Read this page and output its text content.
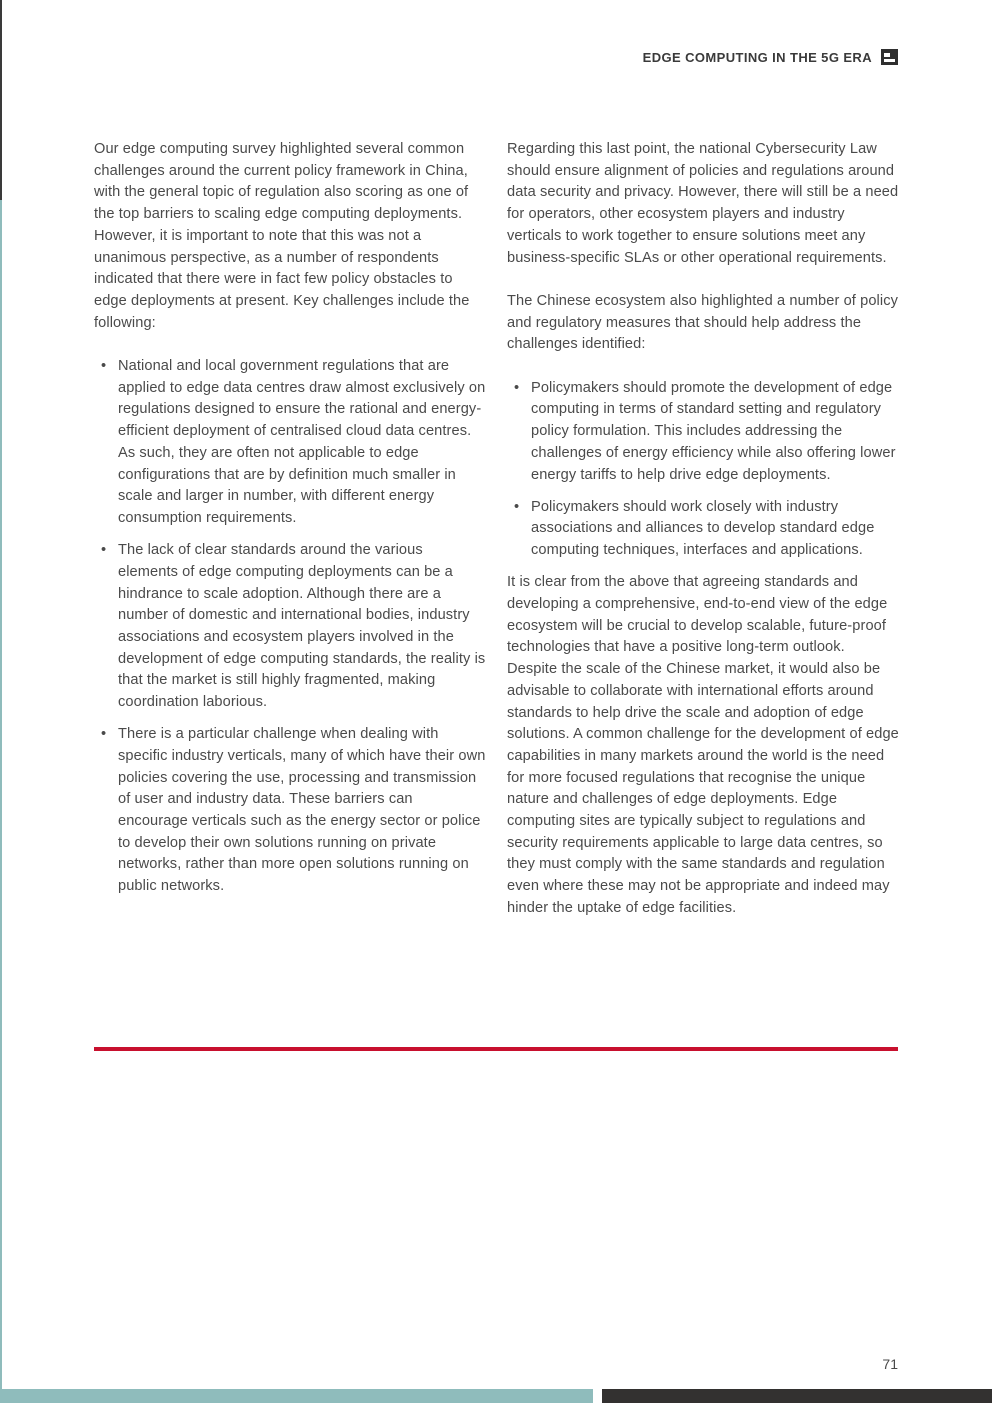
EDGE COMPUTING IN THE 5G ERA

Our edge computing survey highlighted several common challenges around the current policy framework in China, with the general topic of regulation also scoring as one of the top barriers to scaling edge computing deployments. However, it is important to note that this was not a unanimous perspective, as a number of respondents indicated that there were in fact few policy obstacles to edge deployments at present. Key challenges include the following:

• National and local government regulations that are applied to edge data centres draw almost exclusively on regulations designed to ensure the rational and energy-efficient deployment of centralised cloud data centres. As such, they are often not applicable to edge configurations that are by definition much smaller in scale and larger in number, with different energy consumption requirements.
• The lack of clear standards around the various elements of edge computing deployments can be a hindrance to scale adoption. Although there are a number of domestic and international bodies, industry associations and ecosystem players involved in the development of edge computing standards, the reality is that the market is still highly fragmented, making coordination laborious.
• There is a particular challenge when dealing with specific industry verticals, many of which have their own policies covering the use, processing and transmission of user and industry data. These barriers can encourage verticals such as the energy sector or police to develop their own solutions running on private networks, rather than more open solutions running on public networks.

Regarding this last point, the national Cybersecurity Law should ensure alignment of policies and regulations around data security and privacy. However, there will still be a need for operators, other ecosystem players and industry verticals to work together to ensure solutions meet any business-specific SLAs or other operational requirements.

The Chinese ecosystem also highlighted a number of policy and regulatory measures that should help address the challenges identified:

• Policymakers should promote the development of edge computing in terms of standard setting and regulatory policy formulation. This includes addressing the challenges of energy efficiency while also offering lower energy tariffs to help drive edge deployments.
• Policymakers should work closely with industry associations and alliances to develop standard edge computing techniques, interfaces and applications.

It is clear from the above that agreeing standards and developing a comprehensive, end-to-end view of the edge ecosystem will be crucial to develop scalable, future-proof technologies that have a positive long-term outlook. Despite the scale of the Chinese market, it would also be advisable to collaborate with international efforts around standards to help drive the scale and adoption of edge solutions. A common challenge for the development of edge capabilities in many markets around the world is the need for more focused regulations that recognise the unique nature and challenges of edge deployments. Edge computing sites are typically subject to regulations and security requirements applicable to large data centres, so they must comply with the same standards and regulation even where these may not be appropriate and indeed may hinder the uptake of edge facilities.

71
